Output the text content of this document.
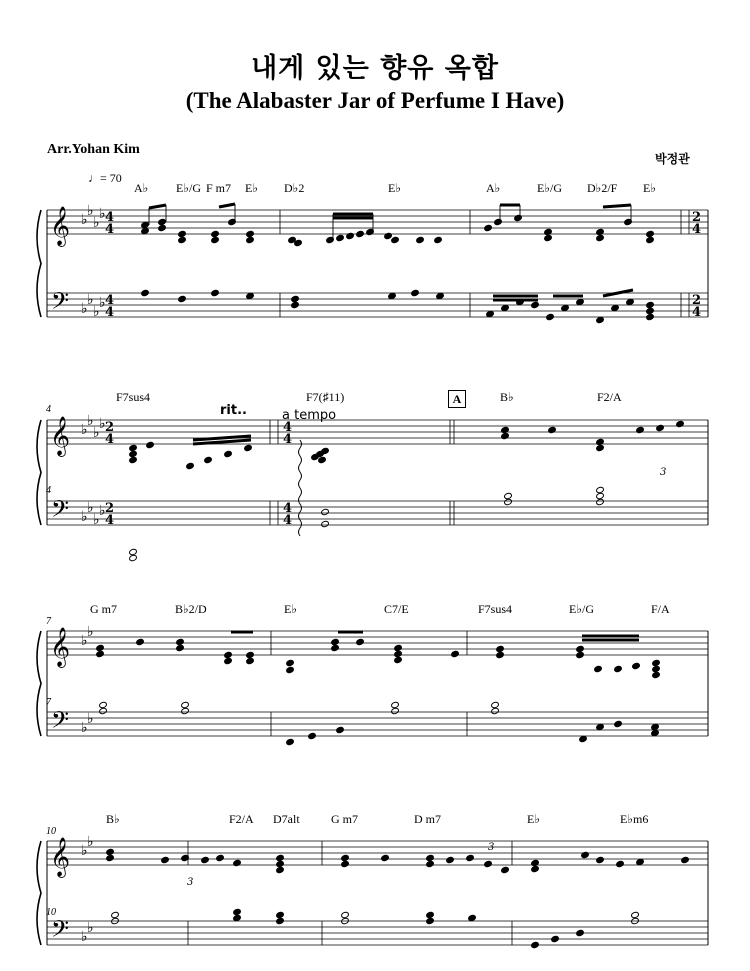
내게 있는 향유 옥합
(The Alabaster Jar of Perfume I Have)
Arr.Yohan Kim
박정관
♩= 70
A♭ E♭/G F m7 E♭ D♭2	E♭	A♭	E♭/G D♭2/F E♭
F7sus4	F7(♯11)	B♭	F2/A
A
rit..	a tempo
G m7	B♭2/D	E♭	C7/E	F7sus4	E♭/G	F/A
B♭	F2/A D7alt	G m7	D m7	E♭	E♭m6
4
4
7
7
10
10
𝄞 ♭
♭
♭
♭
𝄢 ♭
♭
♭
♭
𝄞 ♭
♭
♭
♭
𝄢 ♭
♭
♭
♭
𝄞 ♭
♭
𝄢 ♭
♭
𝄞 ♭
♭
𝄢 ♭
♭
4
4
4
4
2
4
2
4
2
4
2
4
4
4
4
4
3
3
3
